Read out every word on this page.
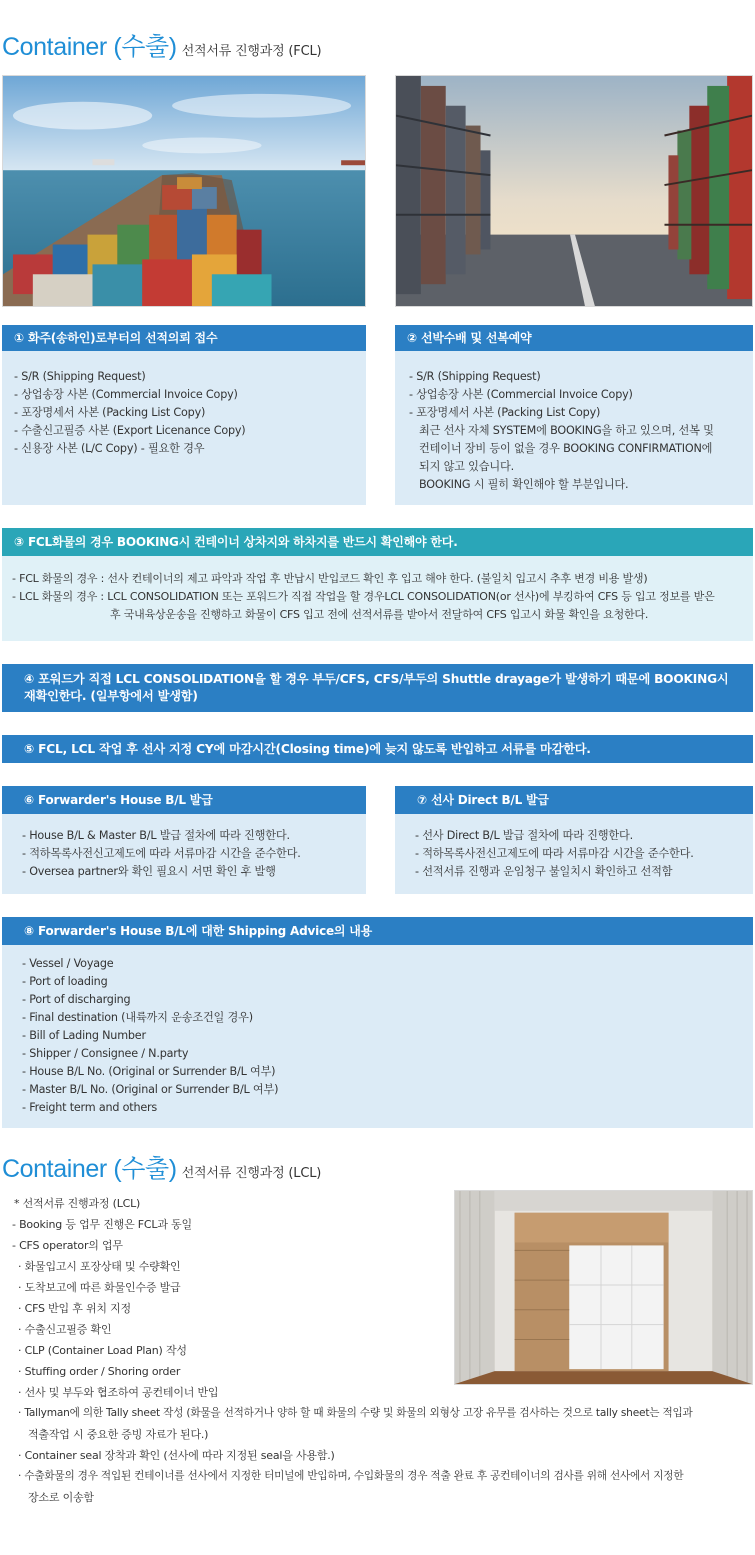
Container (수출) 선적서류 진행과정 (FCL)
① 화주(송하인)로부터의 선적의뢰 접수
- S/R (Shipping Request)
- 상업송장 사본 (Commercial Invoice Copy)
- 포장명세서 사본 (Packing List Copy)
- 수출신고필증 사본 (Export Licenance Copy)
- 신용장 사본 (L/C Copy) - 필요한 경우
② 선박수배 및 선복예약
- S/R (Shipping Request)
- 상업송장 사본 (Commercial Invoice Copy)
- 포장명세서 사본 (Packing List Copy)
최근 선사 자체 SYSTEM에 BOOKING을 하고 있으며, 선복 및
컨테이너 장비 등이 없을 경우 BOOKING CONFIRMATION에
되지 않고 있습니다.
BOOKING 시 필히 확인해야 할 부분입니다.
③ FCL화물의 경우 BOOKING시 컨테이너 상차지와 하차지를 반드시 확인해야 한다.
- FCL 화물의 경우 : 선사 컨테이너의 제고 파악과 작업 후 반납시 반입코드 확인 후 입고 해야 한다. (불일치 입고시 추후 변경 비용 발생)
- LCL 화물의 경우 : LCL CONSOLIDATION 또는 포워드가 직접 작업을 할 경우LCL CONSOLIDATION(or 선사)에 부킹하여 CFS 등 입고 정보를 받은
후 국내육상운송을 진행하고 화물이 CFS 입고 전에 선적서류를 받아서 전달하여 CFS 입고시 화물 확인을 요청한다.
④ 포워드가 직접 LCL CONSOLIDATION을 할 경우 부두/CFS, CFS/부두의 Shuttle drayage가 발생하기 때문에 BOOKING시 재확인한다. (일부항에서 발생함)
⑤ FCL, LCL 작업 후 선사 지정 CY에 마감시간(Closing time)에 늦지 않도록 반입하고 서류를 마감한다.
⑥ Forwarder's House B/L 발급
- House B/L & Master B/L 발급 절차에 따라 진행한다.
- 적하목록사전신고제도에 따라 서류마감 시간을 준수한다.
- Oversea partner와 확인 필요시 서면 확인 후 발행
⑦ 선사 Direct B/L 발급
- 선사 Direct B/L 발급 절차에 따라 진행한다.
- 적하목록사전신고제도에 따라 서류마감 시간을 준수한다.
- 선적서류 진행과 운임청구 불일치시 확인하고 선적함
⑧ Forwarder's House B/L에 대한 Shipping Advice의 내용
- Vessel / Voyage
- Port of loading
- Port of discharging
- Final destination (내륙까지 운송조건일 경우)
- Bill of Lading Number
- Shipper / Consignee / N.party
- House B/L No. (Original or Surrender B/L 여부)
- Master B/L No. (Original or Surrender B/L 여부)
- Freight term and others
Container (수출) 선적서류 진행과정 (LCL)
* 선적서류 진행과정 (LCL)
- Booking 등 업무 진행은 FCL과 동일
- CFS operator의 업무
· 화물입고시 포장상태 및 수량확인
· 도착보고에 따른 화물인수증 발급
· CFS 반입 후 위치 지정
· 수출신고필증 확인
· CLP (Container Load Plan) 작성
· Stuffing order / Shoring order
· 선사 및 부두와 협조하여 공컨테이너 반입
· Tallyman에 의한 Tally sheet 작성 (화물을 선적하거나 양하 할 때 화물의 수량 및 화물의 외형상 고장 유무를 검사하는 것으로 tally sheet는 적입과
적출작업 시 중요한 증빙 자료가 된다.)
· Container seal 장착과 확인 (선사에 따라 지정된 seal을 사용함.)
· 수출화물의 경우 적입된 컨테이너를 선사에서 지정한 터미널에 반입하며, 수입화물의 경우 적출 완료 후 공컨테이너의 검사를 위해 선사에서 지정한
장소로 이송함
